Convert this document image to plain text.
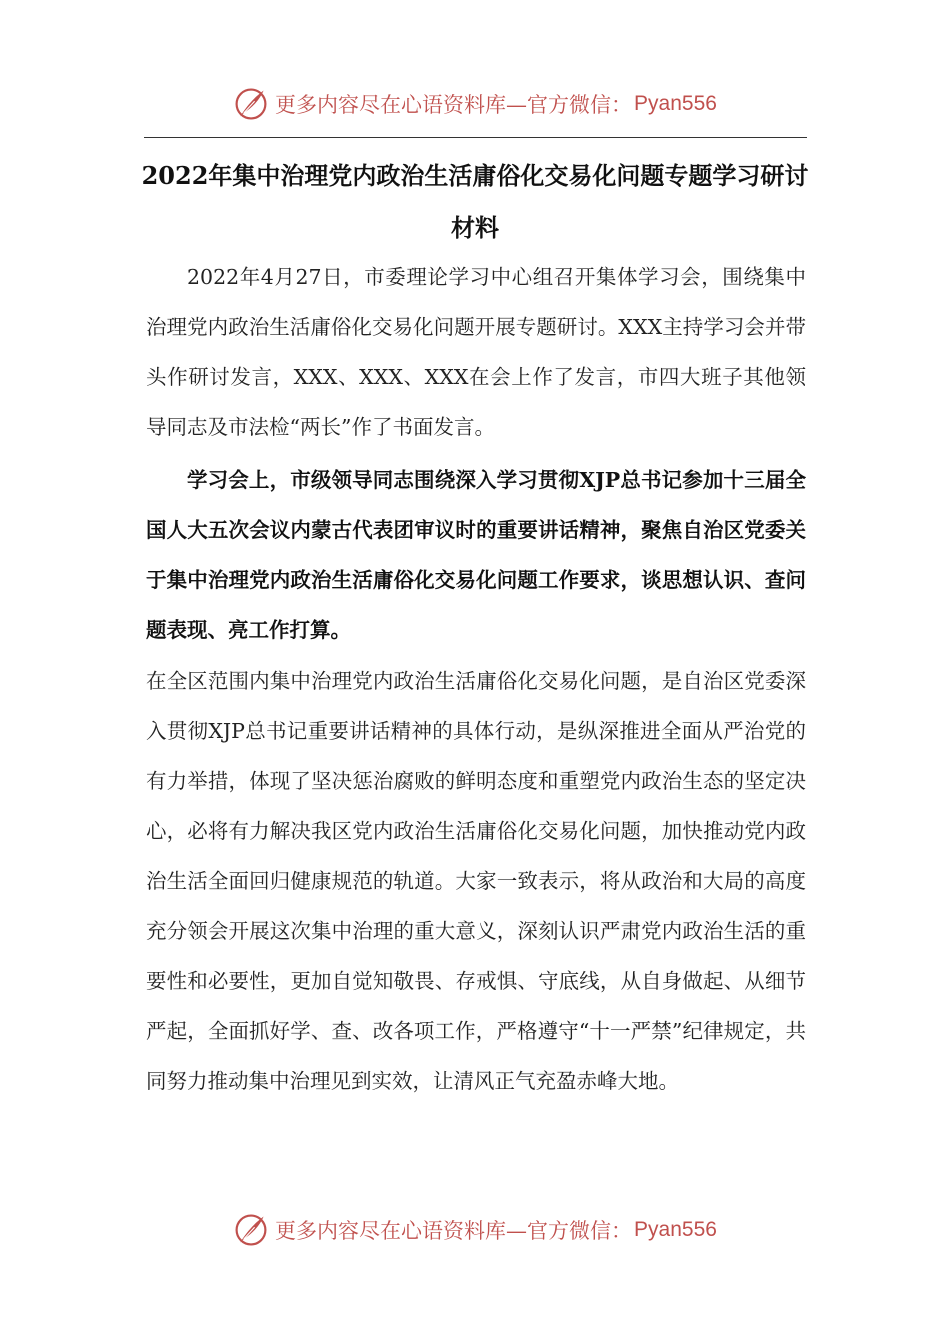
更多内容尽在心语资料库—官方微信： Pyan556
2022年集中治理党内政治生活庸俗化交易化问题专题学习研讨材料

2022年4月27日，市委理论学习中心组召开集体学习会，围绕集中治理党内政治生活庸俗化交易化问题开展专题研讨。XXX主持学习会并带头作研讨发言，XXX、XXX、XXX在会上作了发言，市四大班子其他领导同志及市法检“两长”作了书面发言。

学习会上，市级领导同志围绕深入学习贯彻XJP总书记参加十三届全国人大五次会议内蒙古代表团审议时的重要讲话精神，聚焦自治区党委关于集中治理党内政治生活庸俗化交易化问题工作要求，谈思想认识、查问题表现、亮工作打算。

在全区范围内集中治理党内政治生活庸俗化交易化问题，是自治区党委深入贯彻XJP总书记重要讲话精神的具体行动，是纵深推进全面从严治党的有力举措，体现了坚决惩治腐败的鲜明态度和重塑党内政治生态的坚定决心，必将有力解决我区党内政治生活庸俗化交易化问题，加快推动党内政治生活全面回归健康规范的轨道。大家一致表示，将从政治和大局的高度充分领会开展这次集中治理的重大意义，深刻认识严肃党内政治生活的重要性和必要性，更加自觉知敬畏、存戒惧、守底线，从自身做起、从细节严起，全面抓好学、查、改各项工作，严格遵守“十一严禁”纪律规定，共同努力推动集中治理见到实效，让清风正气充盈赤峰大地。

更多内容尽在心语资料库—官方微信： Pyan556
